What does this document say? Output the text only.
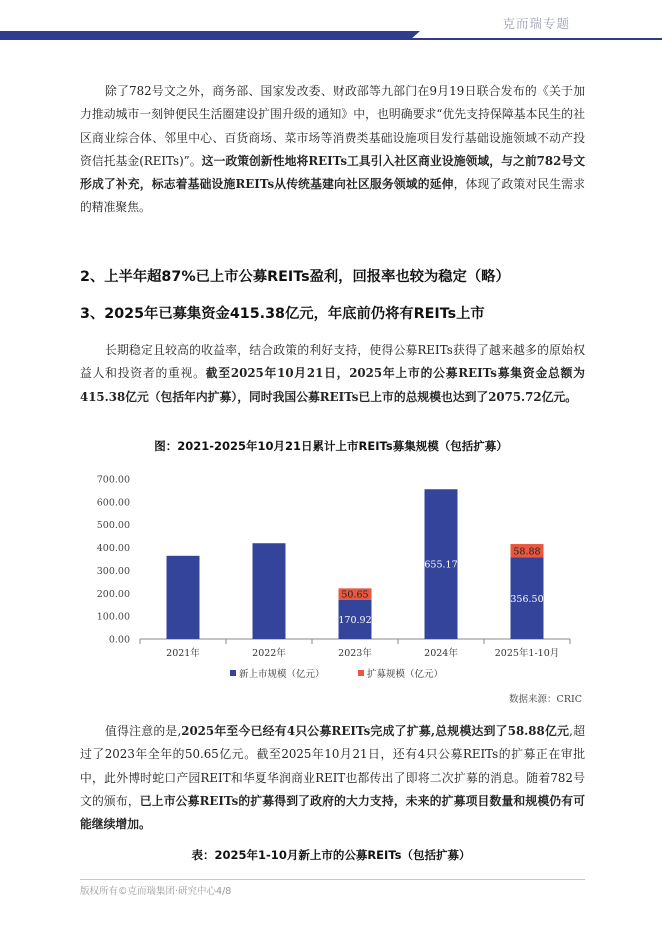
克而瑞专题

除了782号文之外，商务部、国家发改委、财政部等九部门在9月19日联合发布的《关于加力推动城市一刻钟便民生活圈建设扩围升级的通知》中，也明确要求“优先支持保障基本民生的社区商业综合体、邻里中心、百货商场、菜市场等消费类基础设施项目发行基础设施领域不动产投资信托基金(REITs)”。这一政策创新性地将REITs工具引入社区商业设施领域，与之前782号文形成了补充，标志着基础设施REITs从传统基建向社区服务领域的延伸，体现了政策对民生需求的精准聚焦。

2、上半年超87%已上市公募REITs盈利，回报率也较为稳定（略）
3、2025年已募集资金415.38亿元，年底前仍将有REITs上市

长期稳定且较高的收益率，结合政策的利好支持，使得公募REITs获得了越来越多的原始权益人和投资者的重视。截至2025年10月21日，2025年上市的公募REITs募集资金总额为415.38亿元（包括年内扩募），同时我国公募REITs已上市的总规模也达到了2075.72亿元。

图：2021-2025年10月21日累计上市REITs募集规模（包括扩募）
0.00
100.00
200.00
300.00
400.00
500.00
600.00
700.00
2021年	2022年
170.92
50.65
2023年
655.17
2024年
356.50
58.88
2025年1-10月
新上市规模（亿元）	扩募规模（亿元）
数据来源：CRIC

值得注意的是,2025年至今已经有4只公募REITs完成了扩募,总规模达到了58.88亿元,超过了2023年全年的50.65亿元。截至2025年10月21日，还有4只公募REITs的扩募正在审批中，此外博时蛇口产园REIT和华夏华润商业REIT也都传出了即将二次扩募的消息。随着782号文的颁布，已上市公募REITs的扩募得到了政府的大力支持，未来的扩募项目数量和规模仍有可能继续增加。

表：2025年1-10月新上市的公募REITs（包括扩募）
版权所有©克而瑞集团·研究中心4/8
